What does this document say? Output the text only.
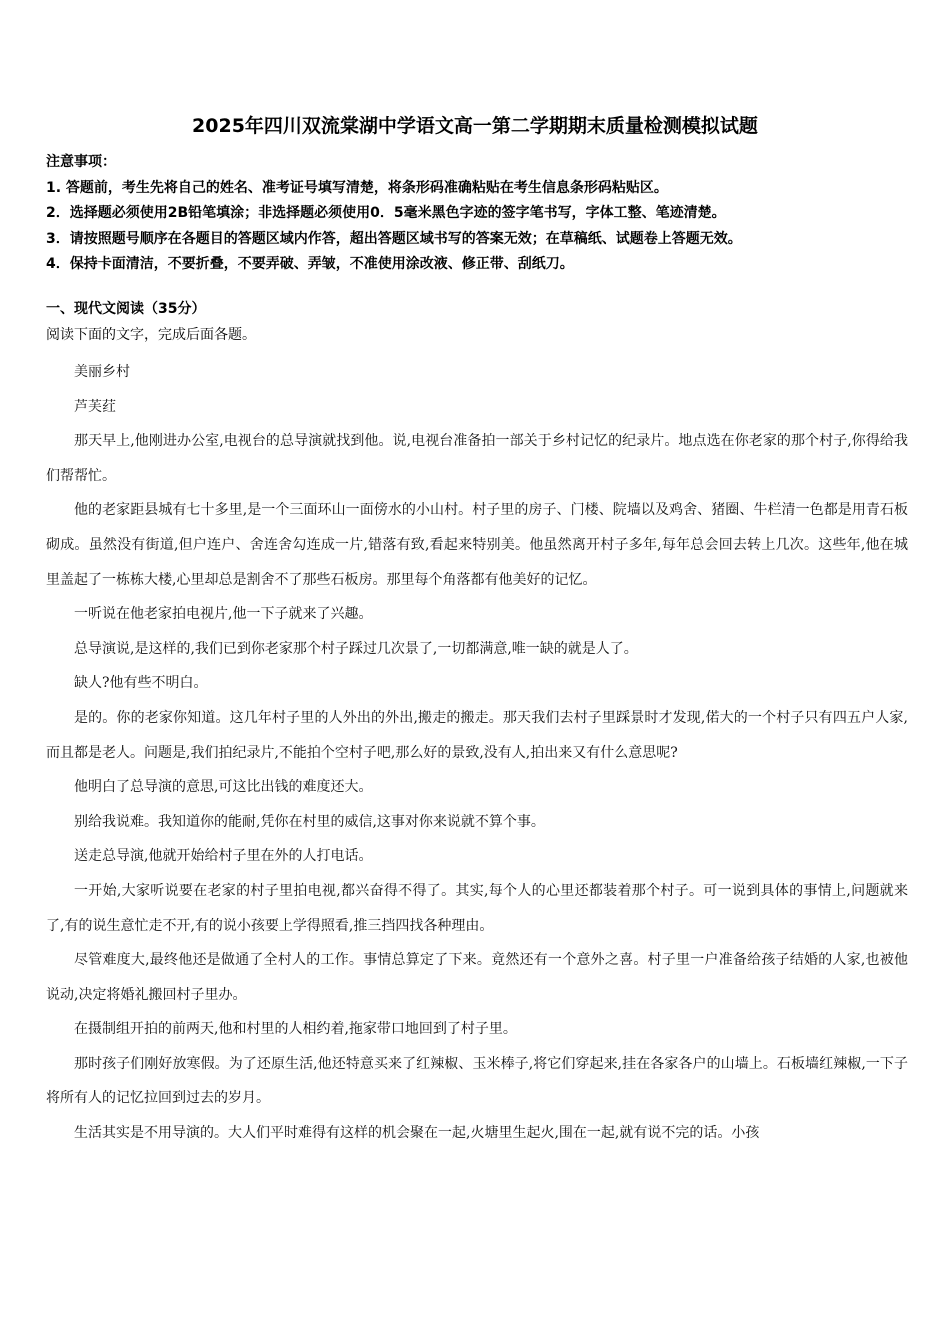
2025年四川双流棠湖中学语文高一第二学期期末质量检测模拟试题
注意事项：
1. 答题前，考生先将自己的姓名、准考证号填写清楚，将条形码准确粘贴在考生信息条形码粘贴区。
2．选择题必须使用2B铅笔填涂；非选择题必须使用0．5毫米黑色字迹的签字笔书写，字体工整、笔迹清楚。
3．请按照题号顺序在各题目的答题区域内作答，超出答题区域书写的答案无效；在草稿纸、试题卷上答题无效。
4．保持卡面清洁，不要折叠，不要弄破、弄皱，不准使用涂改液、修正带、刮纸刀。
一、现代文阅读（35分）
阅读下面的文字，完成后面各题。

美丽乡村

芦芙荭

那天早上,他刚进办公室,电视台的总导演就找到他。说,电视台准备拍一部关于乡村记忆的纪录片。地点选在你老家的那个村子,你得给我们帮帮忙。

他的老家距县城有七十多里,是一个三面环山一面傍水的小山村。村子里的房子、门楼、院墙以及鸡舍、猪圈、牛栏清一色都是用青石板砌成。虽然没有街道,但户连户、舍连舍勾连成一片,错落有致,看起来特别美。他虽然离开村子多年,每年总会回去转上几次。这些年,他在城里盖起了一栋栋大楼,心里却总是割舍不了那些石板房。那里每个角落都有他美好的记忆。

一听说在他老家拍电视片,他一下子就来了兴趣。

总导演说,是这样的,我们已到你老家那个村子踩过几次景了,一切都满意,唯一缺的就是人了。

缺人?他有些不明白。

是的。你的老家你知道。这几年村子里的人外出的外出,搬走的搬走。那天我们去村子里踩景时才发现,偌大的一个村子只有四五户人家,而且都是老人。问题是,我们拍纪录片,不能拍个空村子吧,那么好的景致,没有人,拍出来又有什么意思呢?

他明白了总导演的意思,可这比出钱的难度还大。

别给我说难。我知道你的能耐,凭你在村里的威信,这事对你来说就不算个事。

送走总导演,他就开始给村子里在外的人打电话。

一开始,大家听说要在老家的村子里拍电视,都兴奋得不得了。其实,每个人的心里还都装着那个村子。可一说到具体的事情上,问题就来了,有的说生意忙走不开,有的说小孩要上学得照看,推三挡四找各种理由。

尽管难度大,最终他还是做通了全村人的工作。事情总算定了下来。竟然还有一个意外之喜。村子里一户准备给孩子结婚的人家,也被他说动,决定将婚礼搬回村子里办。

在摄制组开拍的前两天,他和村里的人相约着,拖家带口地回到了村子里。

那时孩子们刚好放寒假。为了还原生活,他还特意买来了红辣椒、玉米棒子,将它们穿起来,挂在各家各户的山墙上。石板墙红辣椒,一下子将所有人的记忆拉回到过去的岁月。

生活其实是不用导演的。大人们平时难得有这样的机会聚在一起,火塘里生起火,围在一起,就有说不完的话。小孩
